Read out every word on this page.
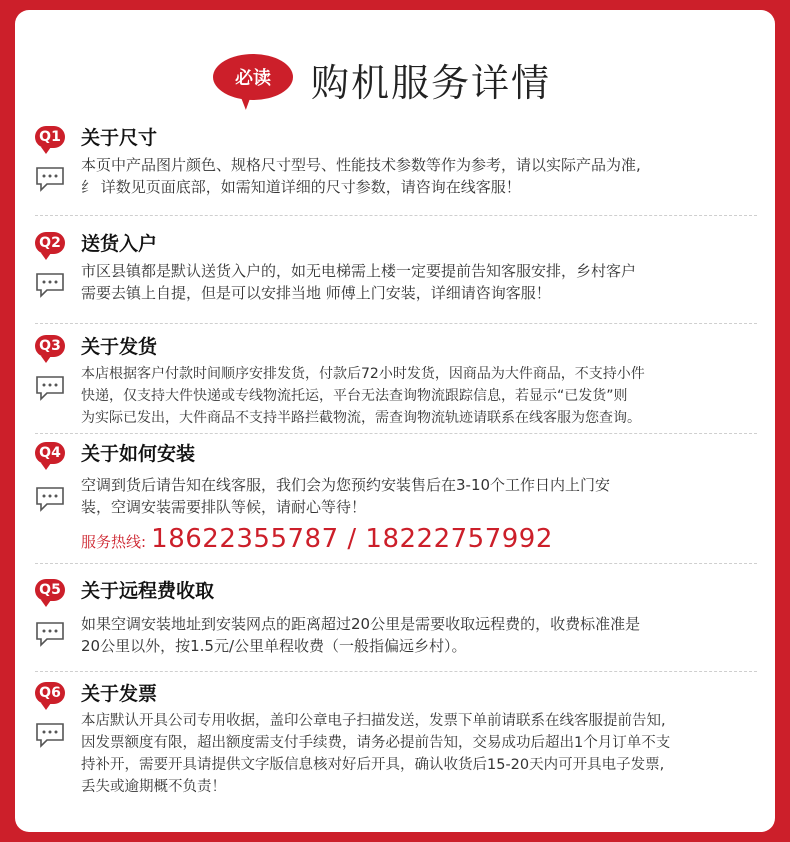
必读	购机服务详情
Q1 关于尺寸
本页中产品图片颜色、规格尺寸型号、性能技术参数等作为参考，请以实际产品为准,
纟 详数见页面底部，如需知道详细的尺寸参数，请咨询在线客服！
Q2 送货入户
市区县镇都是默认送货入户的，如无电梯需上楼一定要提前告知客服安排，乡村客户
需要去镇上自提，但是可以安排当地 师傅上门安装，详细请咨询客服！
Q3 关于发货
本店根据客户付款时间顺序安排发货，付款后72小时发货，因商品为大件商品，不支持小件
快递，仅支持大件快递或专线物流托运，平台无法查询物流跟踪信息，若显示“已发货”则
为实际已发出，大件商品不支持半路拦截物流，需查询物流轨迹请联系在线客服为您查询。
Q4 关于如何安装
空调到货后请告知在线客服，我们会为您预约安装售后在3-10个工作日内上门安
装，空调安装需要排队等候，请耐心等待！
服务热线: 18622355787 / 18222757992
Q5 关于远程费收取
如果空调安装地址到安装网点的距离超过20公里是需要收取远程费的，收费标准准是
20公里以外，按1.5元/公里单程收费（一般指偏远乡村）。
Q6 关于发票
本店默认开具公司专用收据，盖印公章电子扫描发送，发票下单前请联系在线客服提前告知,
因发票额度有限，超出额度需支付手续费，请务必提前告知，交易成功后超出1个月订单不支
持补开，需要开具请提供文字版信息核对好后开具，确认收货后15-20天内可开具电子发票,
丢失或逾期概不负责！
